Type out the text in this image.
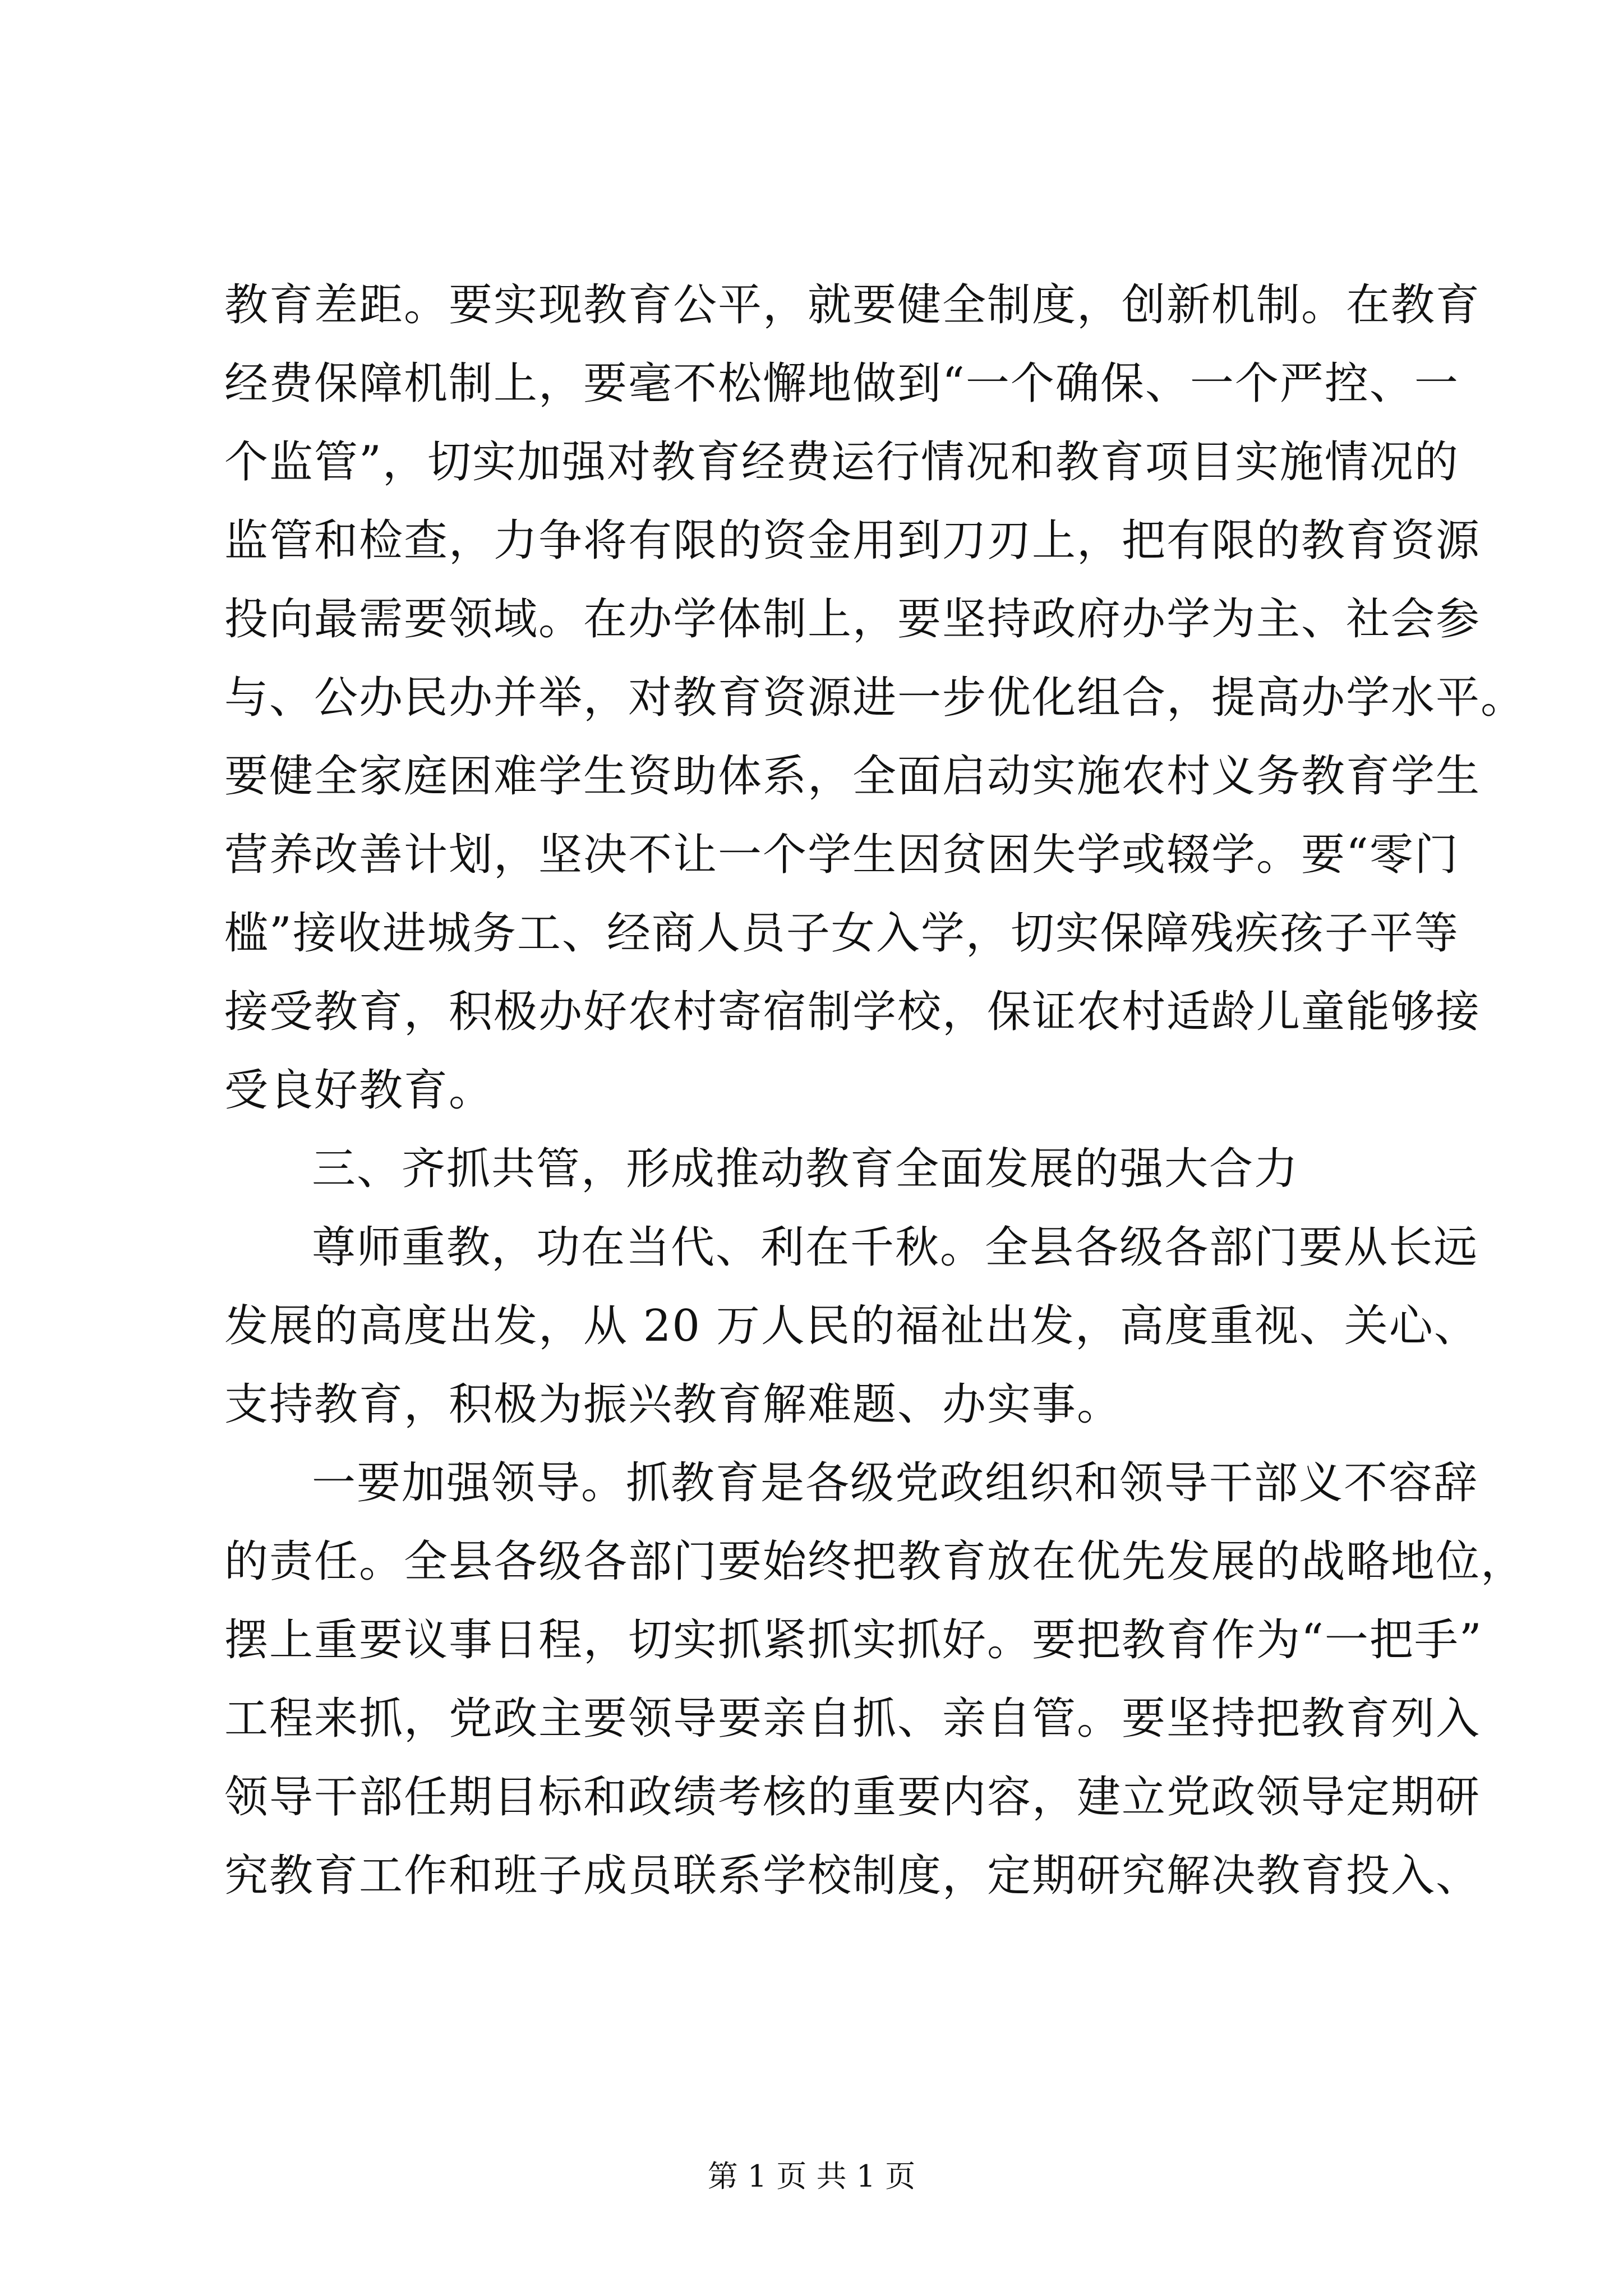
教育差距。要实现教育公平，就要健全制度，创新机制。在教育
经费保障机制上，要毫不松懈地做到“一个确保、一个严控、一
个监管”，切实加强对教育经费运行情况和教育项目实施情况的
监管和检查，力争将有限的资金用到刀刃上，把有限的教育资源
投向最需要领域。在办学体制上，要坚持政府办学为主、社会参
与、公办民办并举，对教育资源进一步优化组合，提高办学水平。
要健全家庭困难学生资助体系，全面启动实施农村义务教育学生
营养改善计划，坚决不让一个学生因贫困失学或辍学。要“零门
槛”接收进城务工、经商人员子女入学，切实保障残疾孩子平等
接受教育，积极办好农村寄宿制学校，保证农村适龄儿童能够接
受良好教育。
三、齐抓共管，形成推动教育全面发展的强大合力
尊师重教，功在当代、利在千秋。全县各级各部门要从长远
发展的高度出发，从 20 万人民的福祉出发，高度重视、关心、
支持教育，积极为振兴教育解难题、办实事。
一要加强领导。抓教育是各级党政组织和领导干部义不容辞
的责任。全县各级各部门要始终把教育放在优先发展的战略地位，
摆上重要议事日程，切实抓紧抓实抓好。要把教育作为“一把手”
工程来抓，党政主要领导要亲自抓、亲自管。要坚持把教育列入
领导干部任期目标和政绩考核的重要内容，建立党政领导定期研
究教育工作和班子成员联系学校制度，定期研究解决教育投入、
第 1 页 共 1 页
